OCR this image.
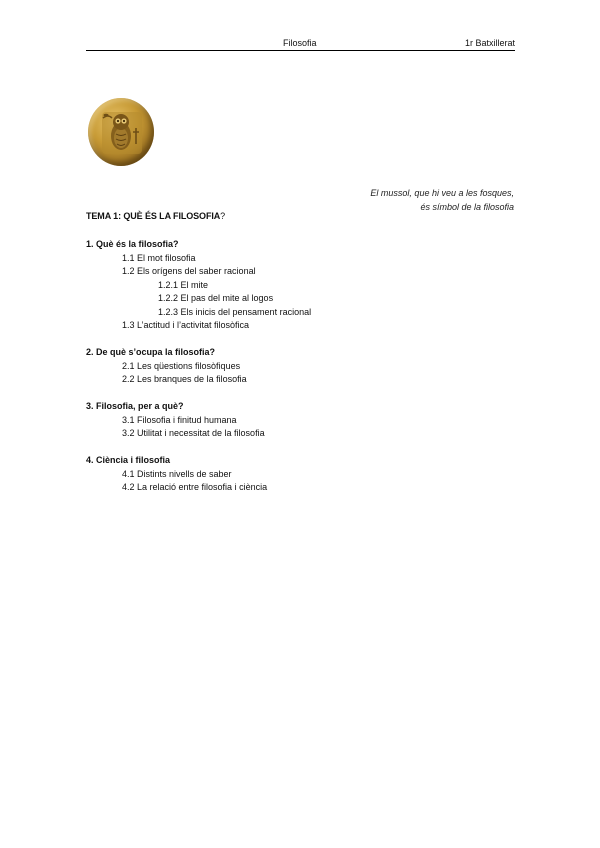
Filosofia	1r Batxillerat
El mussol, que hi veu a les fosques,
és símbol de la filosofia
TEMA 1: QUÈ ÉS LA FILOSOFIA?
1. Què és la filosofia?
1.1 El mot filosofia
1.2 Els orígens del saber racional
1.2.1 El mite
1.2.2 El pas del mite al logos
1.2.3 Els inicis del pensament racional
1.3 L’actitud i l’activitat filosòfica
2. De què s’ocupa la filosofia?
2.1 Les qüestions filosòfiques
2.2 Les branques de la filosofia
3. Filosofia, per a què?
3.1 Filosofia i finitud humana
3.2 Utilitat i necessitat de la filosofia
4. Ciència i filosofia
4.1 Distints nivells de saber
4.2 La relació entre filosofia i ciència
